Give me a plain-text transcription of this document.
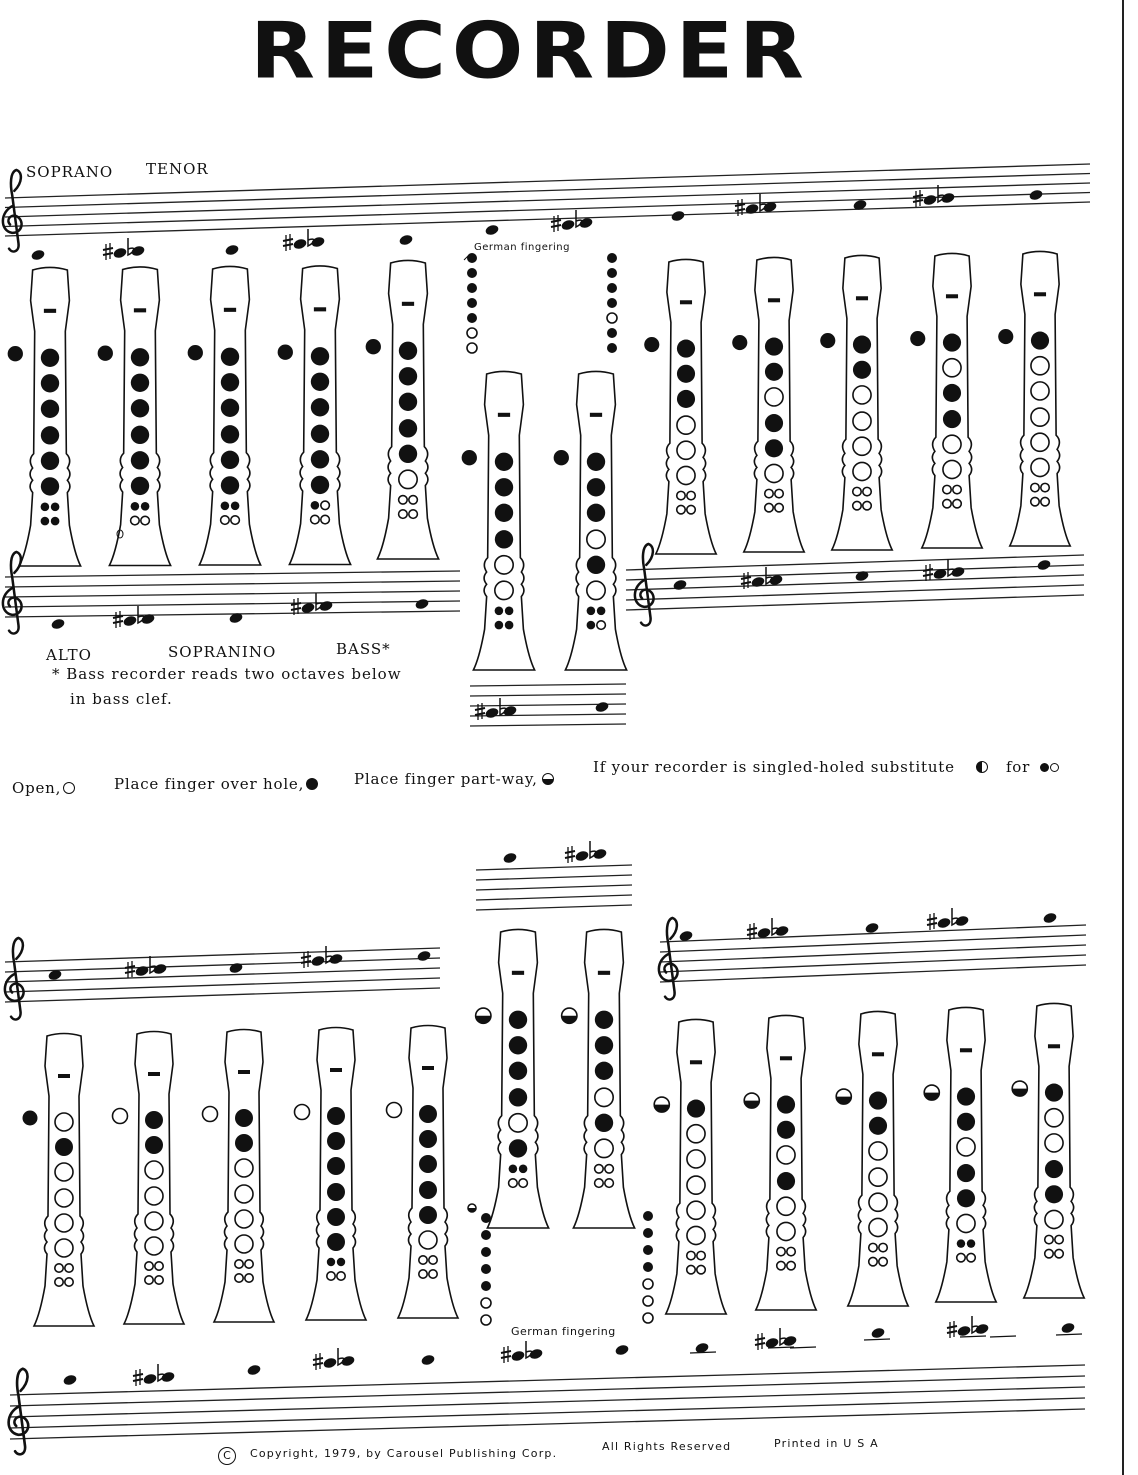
RECORDER
SOPRANO TENOR
ALTO	SOPRANINO	BASS*
* Bass recorder reads two octaves below
in bass clef.
German fingering
German fingering
Open,	Place finger over hole,	Place finger part-way,
If your recorder is singled-holed substitute	for
C	Copyright, 1979, by Carousel Publishing Corp.
All Rights Reserved	Printed in U S A
